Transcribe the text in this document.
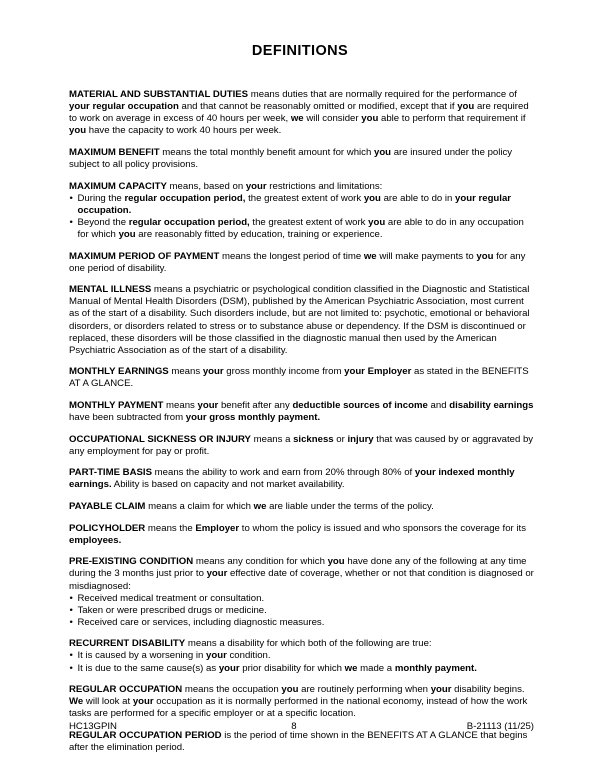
DEFINITIONS

MATERIAL AND SUBSTANTIAL DUTIES means duties that are normally required for the performance of your regular occupation and that cannot be reasonably omitted or modified, except that if you are required to work on average in excess of 40 hours per week, we will consider you able to perform that requirement if you have the capacity to work 40 hours per week.

MAXIMUM BENEFIT means the total monthly benefit amount for which you are insured under the policy subject to all policy provisions.

MAXIMUM CAPACITY means, based on your restrictions and limitations:

• During the regular occupation period, the greatest extent of work you are able to do in your regular occupation.
• Beyond the regular occupation period, the greatest extent of work you are able to do in any occupation for which you are reasonably fitted by education, training or experience.

MAXIMUM PERIOD OF PAYMENT means the longest period of time we will make payments to you for any one period of disability.

MENTAL ILLNESS means a psychiatric or psychological condition classified in the Diagnostic and Statistical Manual of Mental Health Disorders (DSM), published by the American Psychiatric Association, most current as of the start of a disability. Such disorders include, but are not limited to: psychotic, emotional or behavioral disorders, or disorders related to stress or to substance abuse or dependency. If the DSM is discontinued or replaced, these disorders will be those classified in the diagnostic manual then used by the American Psychiatric Association as of the start of a disability.

MONTHLY EARNINGS means your gross monthly income from your Employer as stated in the BENEFITS AT A GLANCE.

MONTHLY PAYMENT means your benefit after any deductible sources of income and disability earnings have been subtracted from your gross monthly payment.

OCCUPATIONAL SICKNESS OR INJURY means a sickness or injury that was caused by or aggravated by any employment for pay or profit.

PART-TIME BASIS means the ability to work and earn from 20% through 80% of your indexed monthly earnings. Ability is based on capacity and not market availability.

PAYABLE CLAIM means a claim for which we are liable under the terms of the policy.

POLICYHOLDER means the Employer to whom the policy is issued and who sponsors the coverage for its employees.

PRE-EXISTING CONDITION means any condition for which you have done any of the following at any time during the 3 months just prior to your effective date of coverage, whether or not that condition is diagnosed or misdiagnosed:

• Received medical treatment or consultation.
• Taken or were prescribed drugs or medicine.
• Received care or services, including diagnostic measures.

RECURRENT DISABILITY means a disability for which both of the following are true:

• It is caused by a worsening in your condition.
• It is due to the same cause(s) as your prior disability for which we made a monthly payment.

REGULAR OCCUPATION means the occupation you are routinely performing when your disability begins. We will look at your occupation as it is normally performed in the national economy, instead of how the work tasks are performed for a specific employer or at a specific location.

REGULAR OCCUPATION PERIOD is the period of time shown in the BENEFITS AT A GLANCE that begins after the elimination period.

HC13GPIN	8	B-21113 (11/25)
